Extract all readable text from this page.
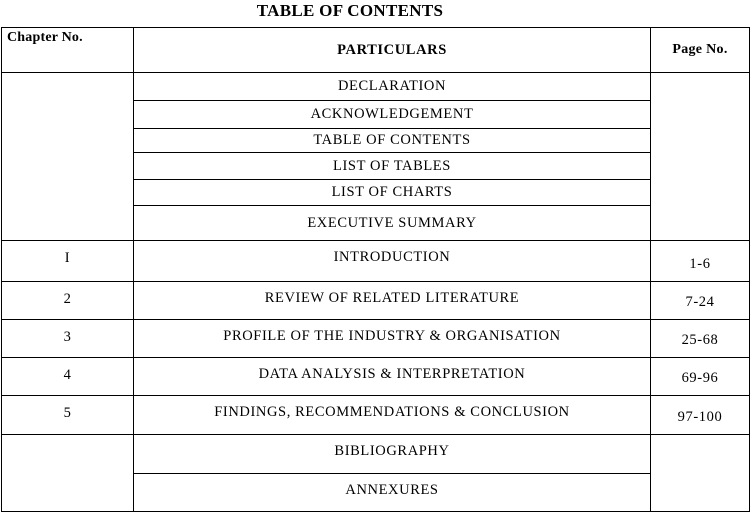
TABLE OF CONTENTS
Chapter No.	PARTICULARS	Page No.
	DECLARATION	
	ACKNOWLEDGEMENT	
	TABLE OF CONTENTS	
	LIST OF TABLES	
	LIST OF CHARTS	
	EXECUTIVE SUMMARY	
I	INTRODUCTION	1-6
2	REVIEW OF RELATED LITERATURE	7-24
3	PROFILE OF THE INDUSTRY & ORGANISATION	25-68
4	DATA ANALYSIS & INTERPRETATION	69-96
5	FINDINGS, RECOMMENDATIONS & CONCLUSION	97-100
	BIBLIOGRAPHY	
	ANNEXURES	
